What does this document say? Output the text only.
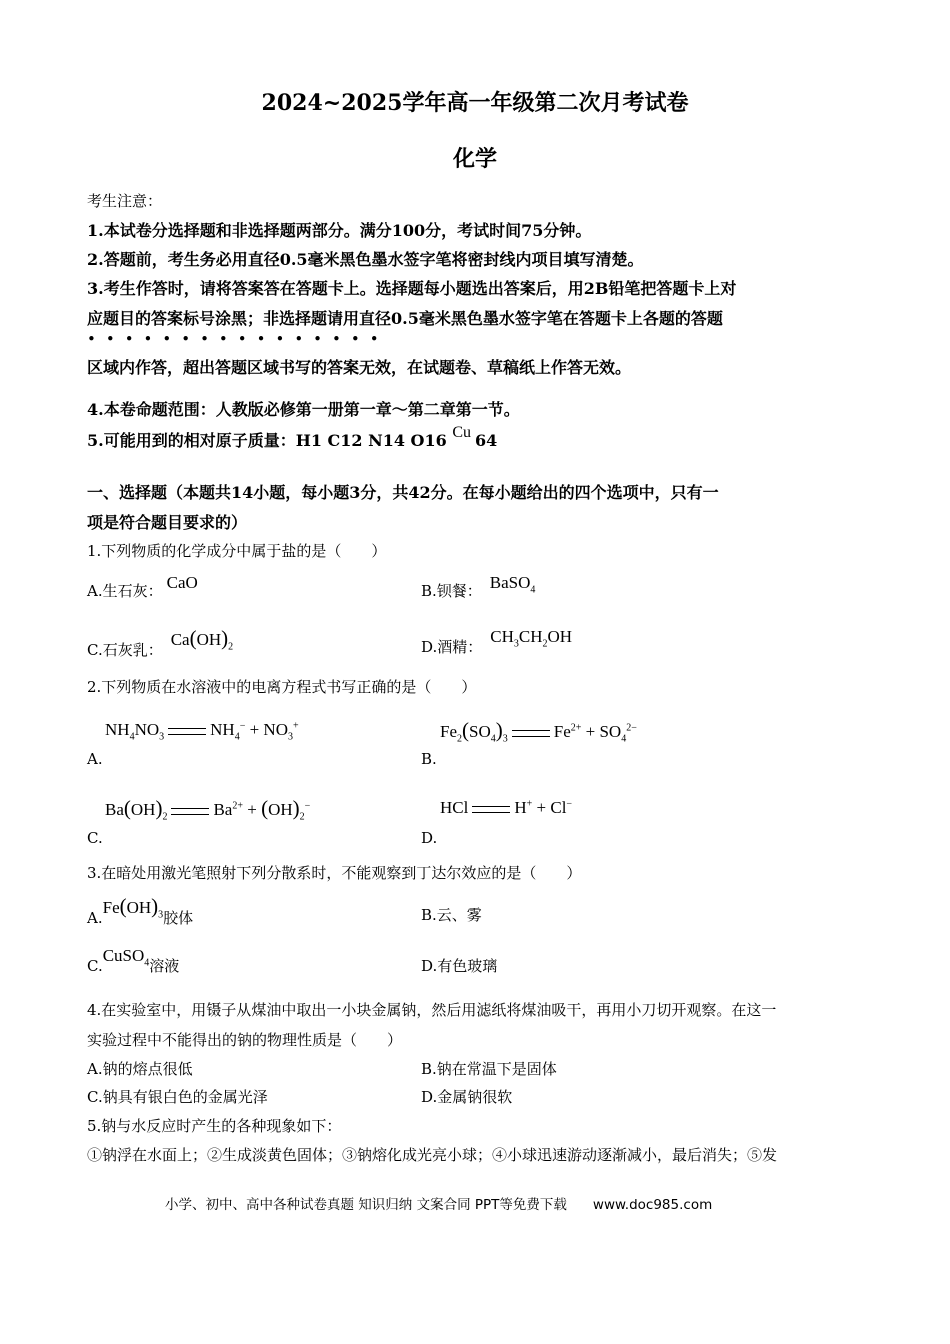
2024~2025学年高一年级第二次月考试卷
化学
考生注意：
1.本试卷分选择题和非选择题两部分。满分100分，考试时间75分钟。
2.答题前，考生务必用直径0.5毫米黑色墨水签字笔将密封线内项目填写清楚。
3.考生作答时，请将答案答在答题卡上。选择题每小题选出答案后，用2B铅笔把答题卡上对
应题目的答案标号涂黑；非选择题请用直径0.5毫米黑色墨水签字笔在答题卡上各题的答题
••••••••••••••••
区域内作答，超出答题区域书写的答案无效，在试题卷、草稿纸上作答无效。
4.本卷命题范围：人教版必修第一册第一章～第二章第一节。
5.可能用到的相对原子质量：H1 C12 N14 O16 Cu 64
一、选择题（本题共14小题，每小题3分，共42分。在每小题给出的四个选项中，只有一
项是符合题目要求的）
1.下列物质的化学成分中属于盐的是（　　）
A.生石灰： CaO	B.钡餐： BaSO$_4$
C.石灰乳：$Ca(OH)_2$	D.酒精：$CH_3CH_2OH$
2.下列物质在水溶液中的电离方程式书写正确的是（　　）
$NH_4NO_3$	$NH_4^- + NO_3^+$
A.
$Fe_2(SO_4)_3$	$Fe^{2+} + SO_4^{2-}$
B.
$Ba(OH)_2$	$Ba^{2+} + (OH)_2^-$
C.
HCl	H+ + Cl−
D.
3.在暗处用激光笔照射下列分散系时，不能观察到丁达尔效应的是（　　）
$A.Fe(OH)_3$胶体	B.云、雾
C.CuSO$_4$溶液	D.有色玻璃
4.在实验室中，用镊子从煤油中取出一小块金属钠，然后用滤纸将煤油吸干，再用小刀切开观察。在这一
实验过程中不能得出的钠的物理性质是（　　）
A.钠的熔点很低	B.钠在常温下是固体
C.钠具有银白色的金属光泽	D.金属钠很软
5.钠与水反应时产生的各种现象如下：
①钠浮在水面上；②生成淡黄色固体；③钠熔化成光亮小球；④小球迅速游动逐渐减小，最后消失；⑤发
小学、初中、高中各种试卷真题 知识归纳 文案合同 PPT等免费下载 www.doc985.com
